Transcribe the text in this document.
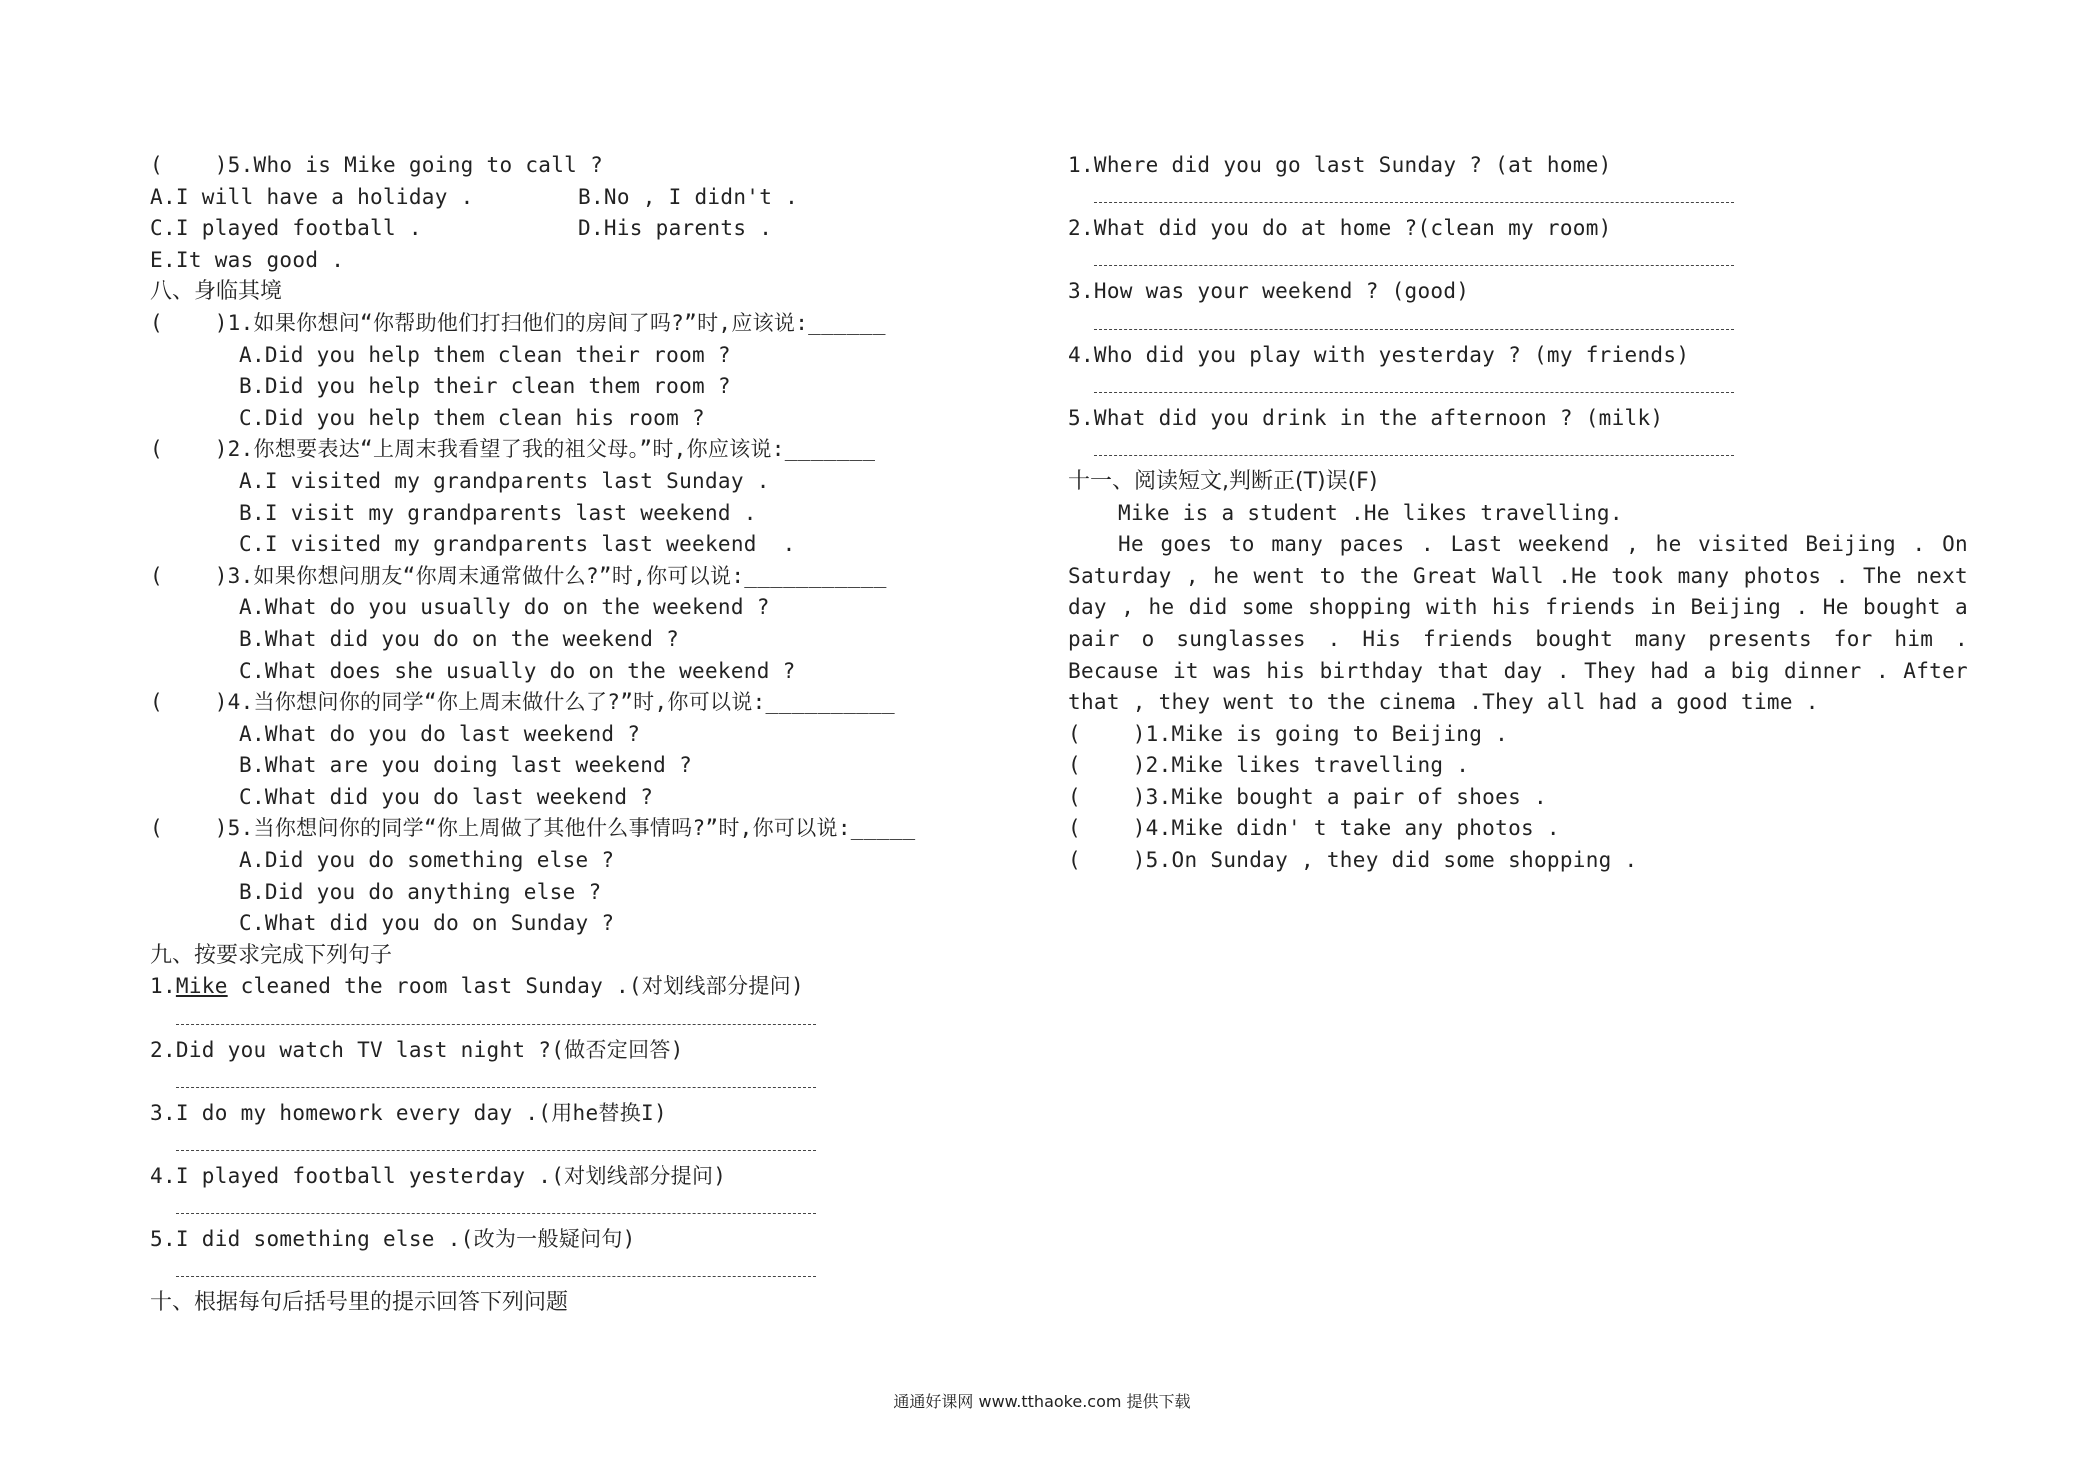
(    )5.Who is Mike going to call ?
A.I will have a holiday .	B.No , I didn't .
C.I played football .	D.His parents .
E.It was good .
八、身临其境
(    )1.如果你想问“你帮助他们打扫他们的房间了吗?”时,应该说:______
A.Did you help them clean their room ?
B.Did you help their clean them room ?
C.Did you help them clean his room ?
(    )2.你想要表达“上周末我看望了我的祖父母。”时,你应该说:_______
A.I visited my grandparents last Sunday .
B.I visit my grandparents last weekend .
C.I visited my grandparents last weekend  .
(    )3.如果你想问朋友“你周末通常做什么?”时,你可以说:___________
A.What do you usually do on the weekend ?
B.What did you do on the weekend ?
C.What does she usually do on the weekend ?
(    )4.当你想问你的同学“你上周末做什么了?”时,你可以说:__________
A.What do you do last weekend ?
B.What are you doing last weekend ?
C.What did you do last weekend ?
(    )5.当你想问你的同学“你上周做了其他什么事情吗?”时,你可以说:_____
A.Did you do something else ?
B.Did you do anything else ?
C.What did you do on Sunday ?
九、按要求完成下列句子
1.Mike cleaned the room last Sunday .(对划线部分提问)
2.Did you watch TV last night ?(做否定回答)
3.I do my homework every day .(用he替换I)
4.I played football yesterday .(对划线部分提问)
5.I did something else .(改为一般疑问句)
十、根据每句后括号里的提示回答下列问题
1.Where did you go last Sunday ? (at home)
2.What did you do at home ?(clean my room)
3.How was your weekend ? (good)
4.Who did you play with yesterday ? (my friends)
5.What did you drink in the afternoon ? (milk)
十一、阅读短文,判断正(T)误(F)
Mike is a student .He likes travelling.
He goes to many paces . Last weekend , he visited Beijing . On Saturday , he went to the Great Wall .He took many photos . The next day , he did some shopping with his friends in Beijing . He bought a pair o sunglasses . His friends bought many presents for him . Because it was his birthday that day . They had a big dinner . After that , they went to the cinema .They all had a good time .
(    )1.Mike is going to Beijing .
(    )2.Mike likes travelling .
(    )3.Mike bought a pair of shoes .
(    )4.Mike didn' t take any photos .
(    )5.On Sunday , they did some shopping .
通通好课网 www.tthaoke.com 提供下载
